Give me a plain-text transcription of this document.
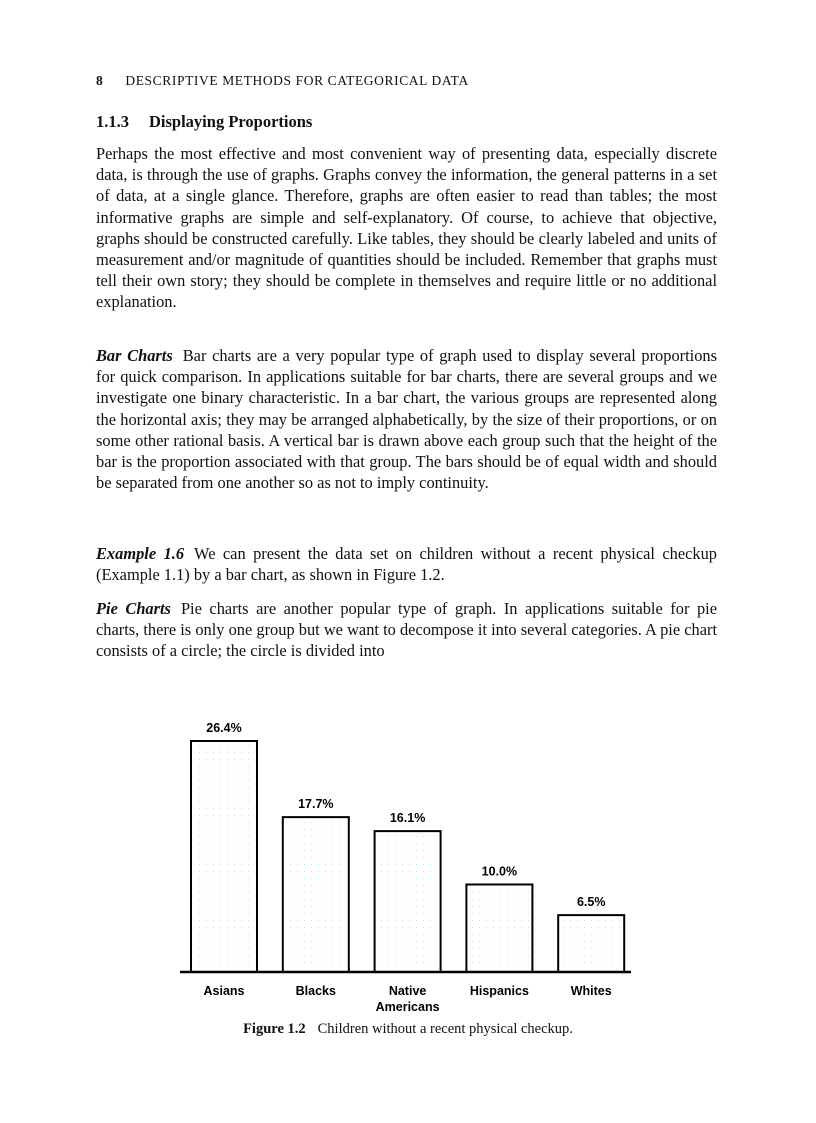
8 DESCRIPTIVE METHODS FOR CATEGORICAL DATA
1.1.3 Displaying Proportions

Perhaps the most effective and most convenient way of presenting data, especially discrete data, is through the use of graphs. Graphs convey the information, the general patterns in a set of data, at a single glance. Therefore, graphs are often easier to read than tables; the most informative graphs are simple and self-explanatory. Of course, to achieve that objective, graphs should be constructed carefully. Like tables, they should be clearly labeled and units of measurement and/or magnitude of quantities should be included. Remember that graphs must tell their own story; they should be complete in themselves and require little or no additional explanation.

Bar Charts Bar charts are a very popular type of graph used to display several proportions for quick comparison. In applications suitable for bar charts, there are several groups and we investigate one binary characteristic. In a bar chart, the various groups are represented along the horizontal axis; they may be arranged alphabetically, by the size of their proportions, or on some other rational basis. A vertical bar is drawn above each group such that the height of the bar is the proportion associated with that group. The bars should be of equal width and should be separated from one another so as not to imply continuity.

Example 1.6 We can present the data set on children without a recent physical checkup (Example 1.1) by a bar chart, as shown in Figure 1.2.

Pie Charts Pie charts are another popular type of graph. In applications suitable for pie charts, there is only one group but we want to decompose it into several categories. A pie chart consists of a circle; the circle is divided into

26.4%
Asians
17.7%
Blacks
16.1%
Native
Americans
10.0%
Hispanics
6.5%
Whites
Figure 1.2 Children without a recent physical checkup.
